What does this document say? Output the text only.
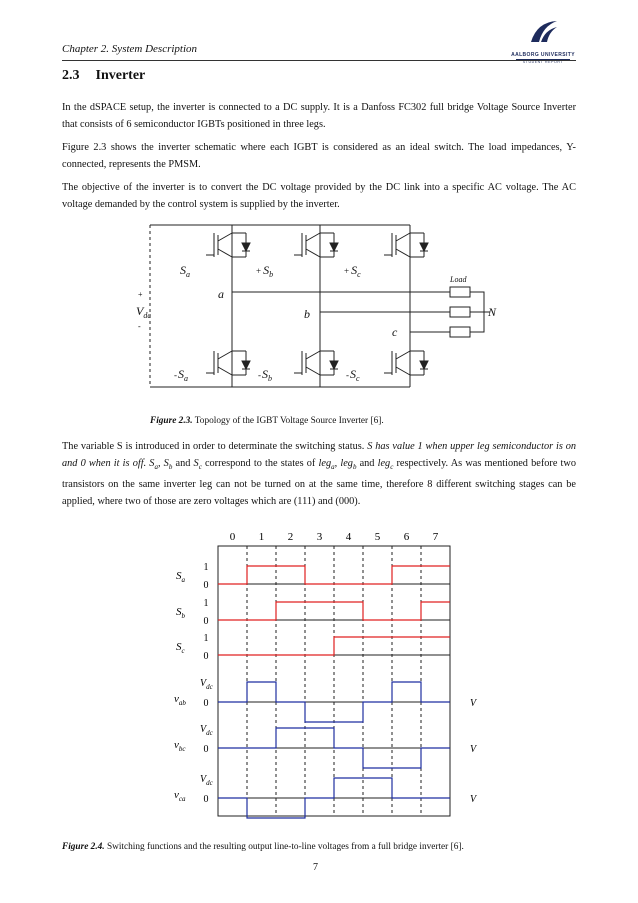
Chapter 2. System Description	AALBORG UNIVERSITY
STUDENT REPORT
2.3 Inverter

In the dSPACE setup, the inverter is connected to a DC supply. It is a Danfoss FC302 full bridge Voltage Source Inverter that consists of 6 semiconductor IGBTs positioned in three legs.

Figure 2.3 shows the inverter schematic where each IGBT is considered as an ideal switch. The load impedances, Y-connected, represents the PMSM.

The objective of the inverter is to convert the DC voltage provided by the DC link into a specific AC voltage. The AC voltage demanded by the control system is supplied by the inverter.

$S_a$	+ $S_b$	+ $S_c$
$-S_a$	$-S_b$	$-S_c$
a
b
c
$V_{dc}$	N
Load
+
-
Figure 2.3. Topology of the IGBT Voltage Source Inverter [6].
The variable S is introduced in order to determinate the switching status. S has value 1 when upper leg semiconductor is on and 0 when it is off. $S_a$, $S_b$ and $S_c$ correspond to the states of leg$_a$, leg$_b$ and leg$_c$ respectively. As was mentioned before two transistors on the same inverter leg can not be turned on at the same time, therefore 8 different switching stages can be applied, where two of those are zero voltages which are (111) and (000).
0 1 2 3 4 5 6 7
1
0
$S_a$
1
0
$S_b$
1
0
$S_c$
$V_{dc}$
0	V
$v_{ab}$
$V_{dc}$
0	V
$v_{bc}$
$V_{dc}$
0	V
$v_{ca}$
Figure 2.4. Switching functions and the resulting output line-to-line voltages from a full bridge inverter [6].
7
